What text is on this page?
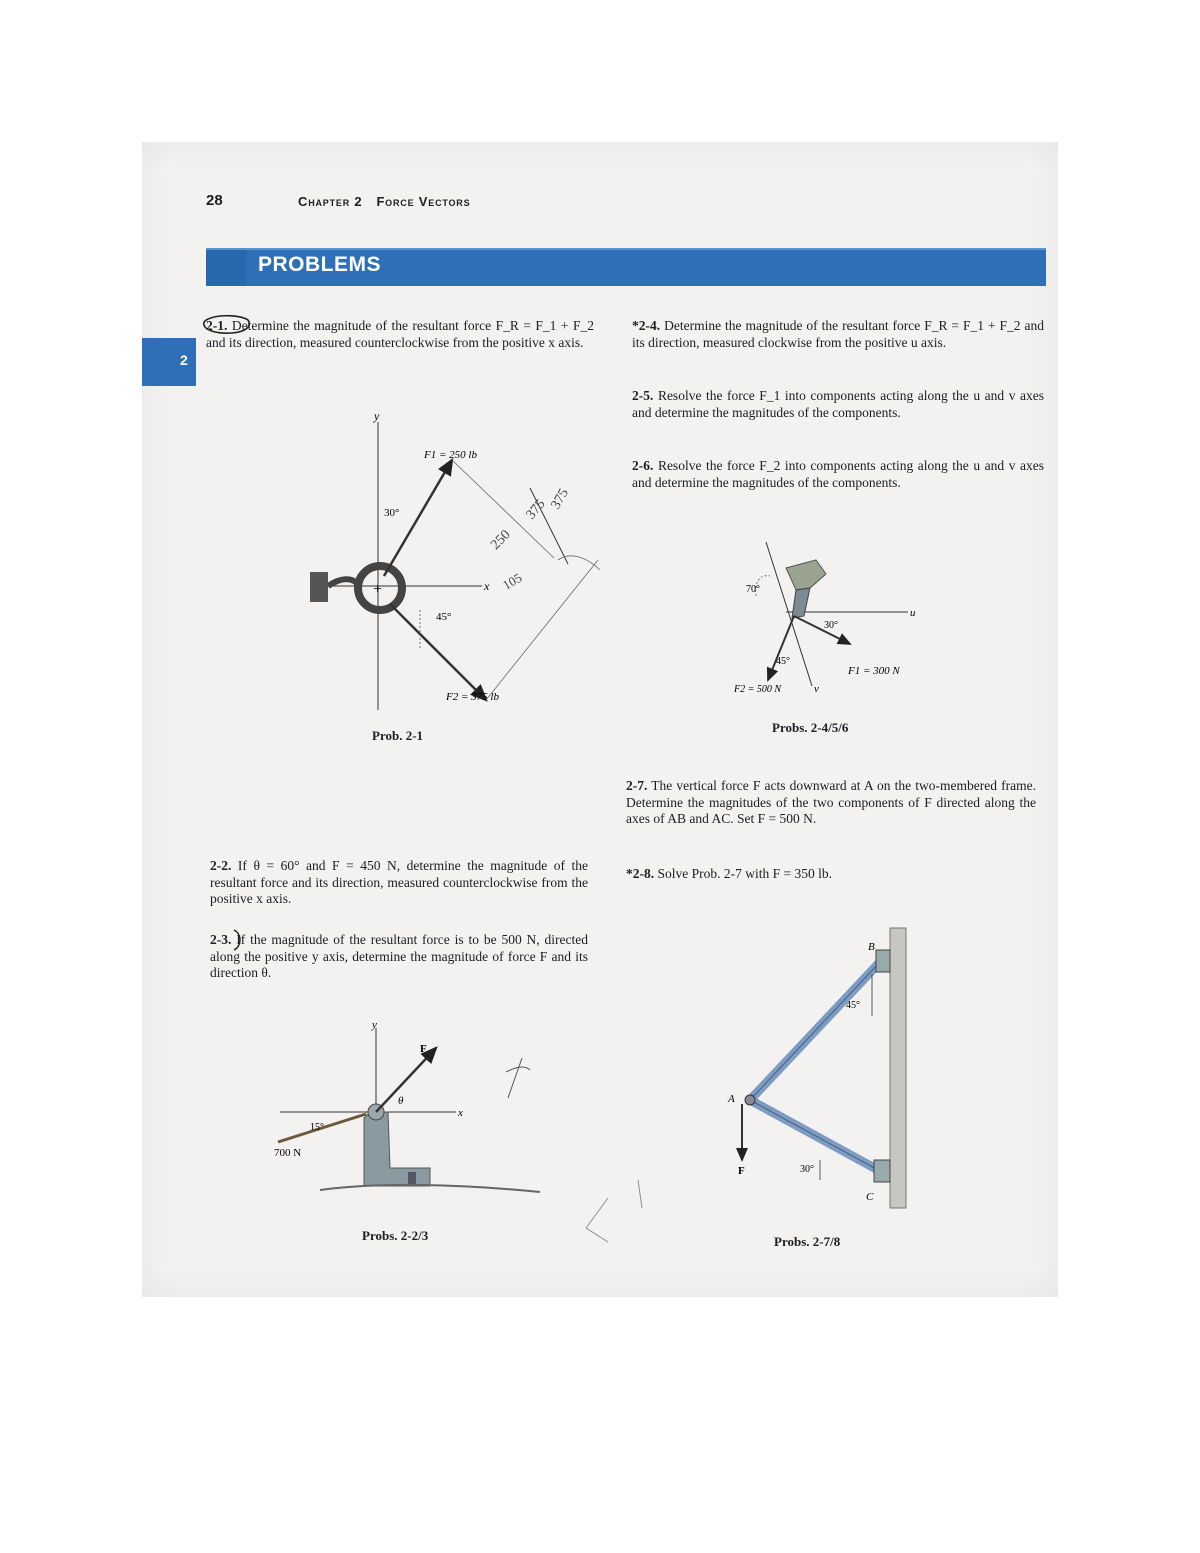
28	Chapter 2 Force Vectors
PROBLEMS
2
2-1. Determine the magnitude of the resultant force F_R = F_1 + F_2 and its direction, measured counterclockwise from the positive x axis.
2-2. If θ = 60° and F = 450 N, determine the magnitude of the resultant force and its direction, measured counterclockwise from the positive x axis.
2-3. If the magnitude of the resultant force is to be 500 N, directed along the positive y axis, determine the magnitude of force F and its direction θ.
*2-4. Determine the magnitude of the resultant force F_R = F_1 + F_2 and its direction, measured clockwise from the positive u axis.
2-5. Resolve the force F_1 into components acting along the u and v axes and determine the magnitudes of the components.
2-6. Resolve the force F_2 into components acting along the u and v axes and determine the magnitudes of the components.
2-7. The vertical force F acts downward at A on the two-membered frame. Determine the magnitudes of the two components of F directed along the axes of AB and AC. Set F = 500 N.
*2-8. Solve Prob. 2-7 with F = 350 lb.
y
x
+
F1 = 250 lb
F2 = 375 lb
30°
45°
375
250
375
105
Prob. 2-1
y
x
F
θ
15°
700 N
Probs. 2-2/3
v
u
70°
30°
45°
F1 = 300 N
F2 = 500 N
Probs. 2-4/5/6
F
A
B
C
45°
30°
Probs. 2-7/8
